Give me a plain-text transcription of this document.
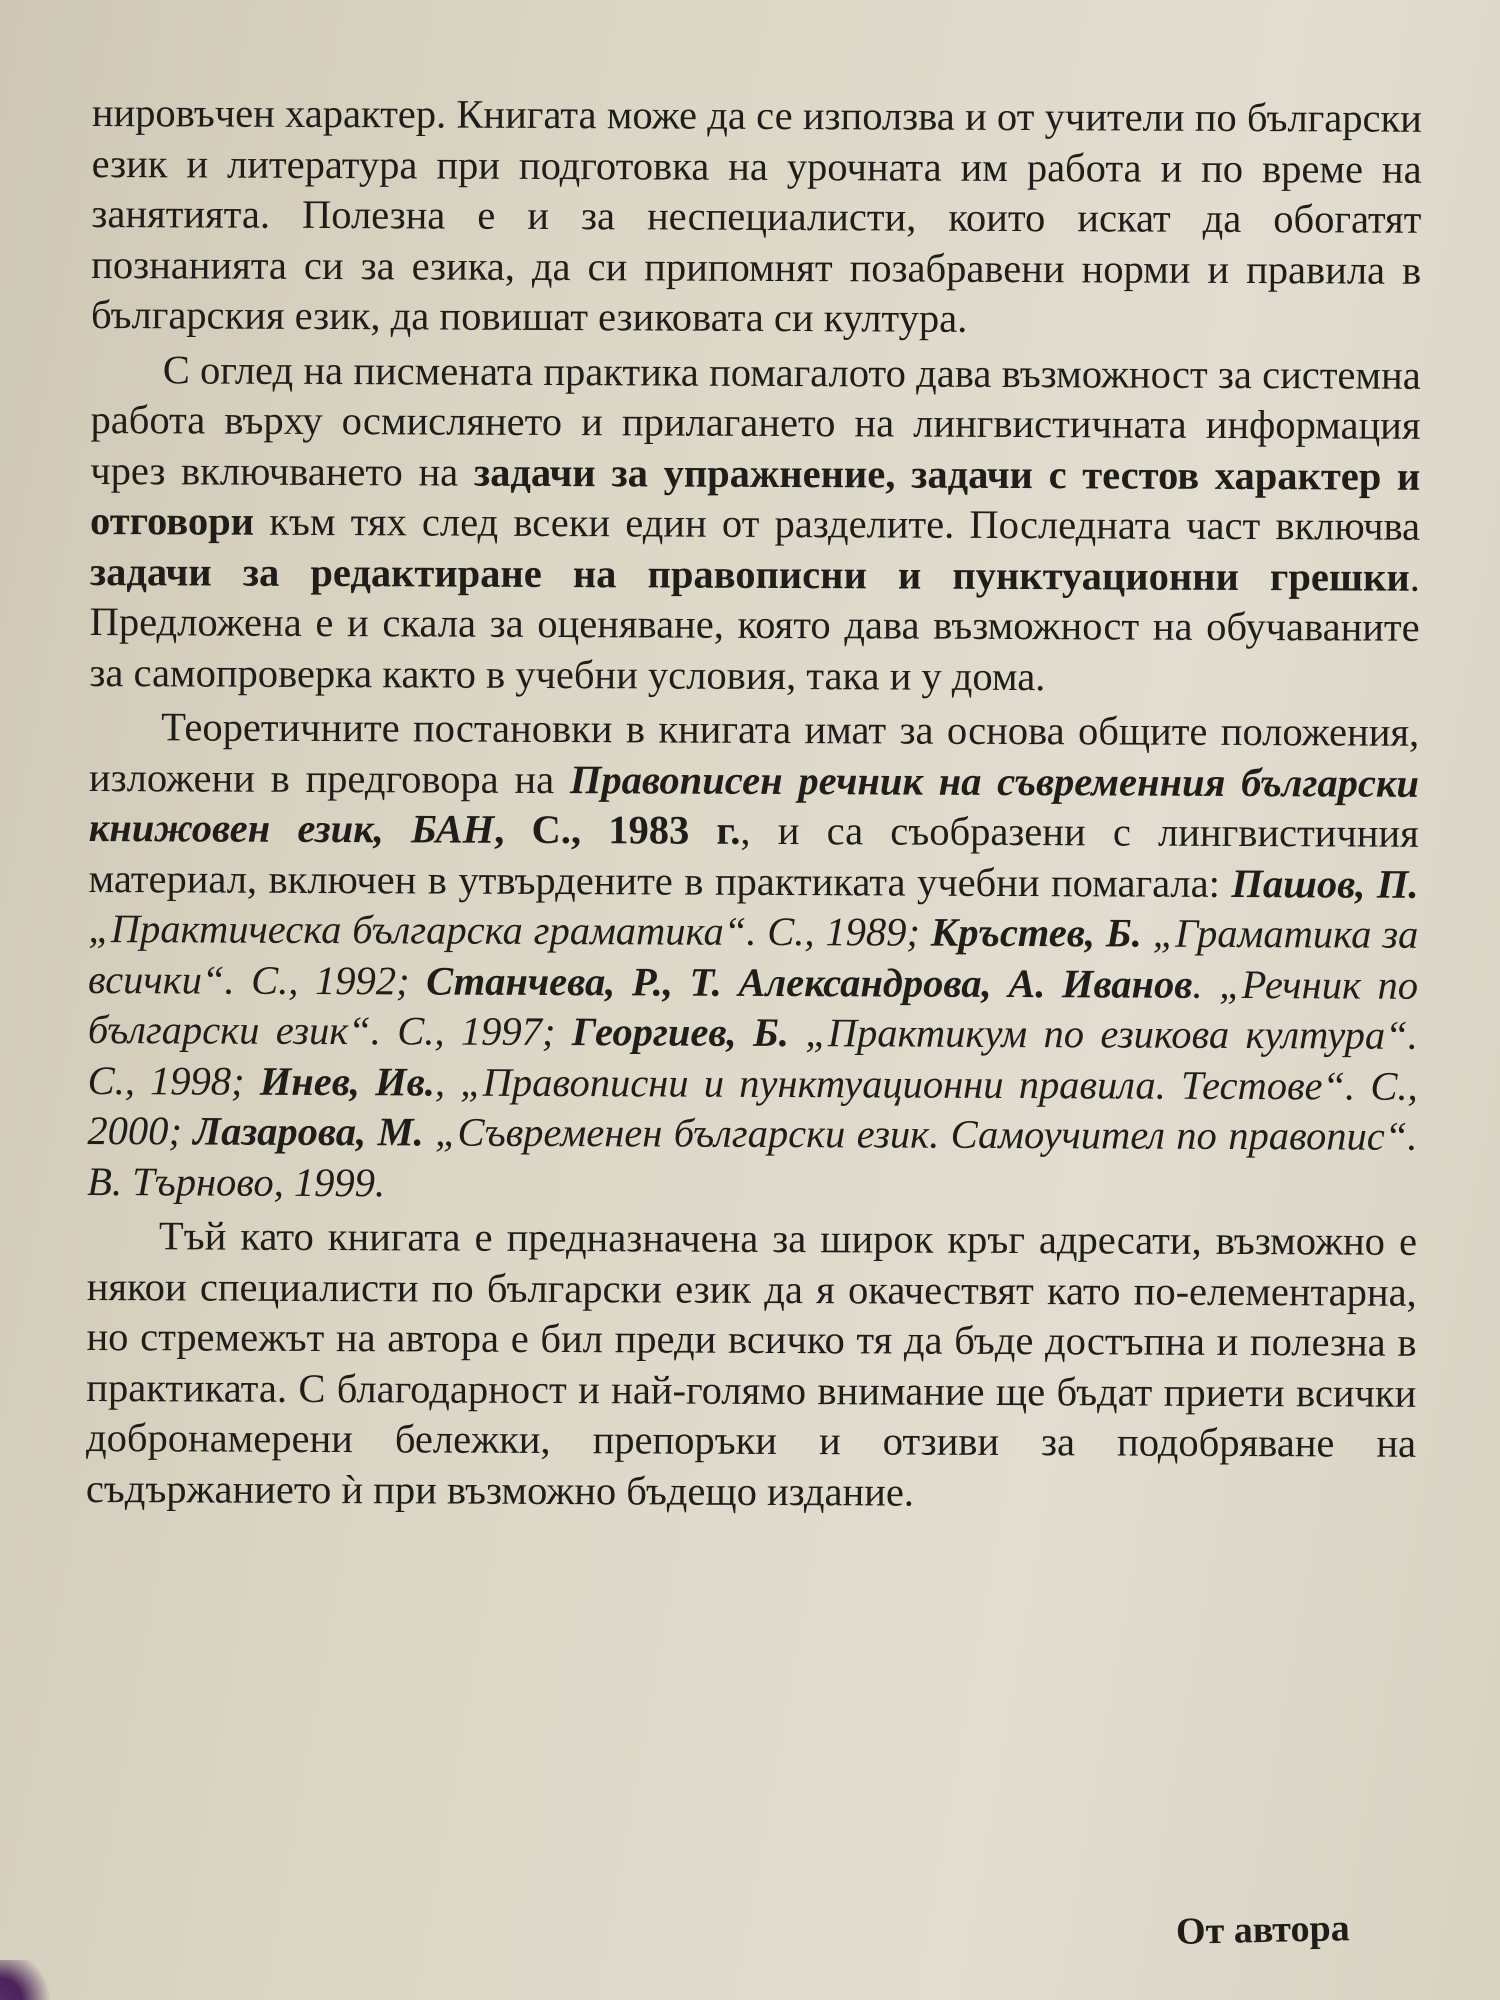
нировъчен характер. Книгата може да се използва и от учители по български език и литература при подготовка на урочната им работа и по време на занятията. Полезна е и за неспециалисти, които искат да обогатят познанията си за езика, да си припомнят позабравени норми и правила в българския език, да повишат езиковата си култура.

С оглед на писмената практика помагалото дава възможност за системна работа върху осмислянето и прилагането на лингвистичната информация чрез включването на задачи за упражнение, задачи с тестов характер и отговори към тях след всеки един от разделите. Последната част включва задачи за редактиране на правописни и пунктуационни грешки. Предложена е и скала за оценяване, която дава възможност на обучаваните за самопроверка както в учебни условия, така и у дома.

Теоретичните постановки в книгата имат за основа общите положения, изложени в предговора на Правописен речник на съвременния български книжовен език, БАН, С., 1983 г., и са съобразени с лингвистичния материал, включен в утвърдените в практиката учебни помагала: Пашов, П. „Практическа българска граматика“. С., 1989; Кръстев, Б. „Граматика за всички“. С., 1992; Станчева, Р., Т. Александрова, А. Иванов. „Речник по български език“. С., 1997; Георгиев, Б. „Практикум по езикова култура“. С., 1998; Инев, Ив., „Правописни и пунктуационни правила. Тестове“. С., 2000; Лазарова, М. „Съвременен български език. Самоучител по правопис“. В. Търново, 1999.

Тъй като книгата е предназначена за широк кръг адресати, възможно е някои специалисти по български език да я окачествят като по-елементарна, но стремежът на автора е бил преди всичко тя да бъде достъпна и полезна в практиката. С благодарност и най-голямо внимание ще бъдат приети всички добронамерени бележки, препоръки и отзиви за подобряване на съдържанието ѝ при възможно бъдещо издание.

От автора
